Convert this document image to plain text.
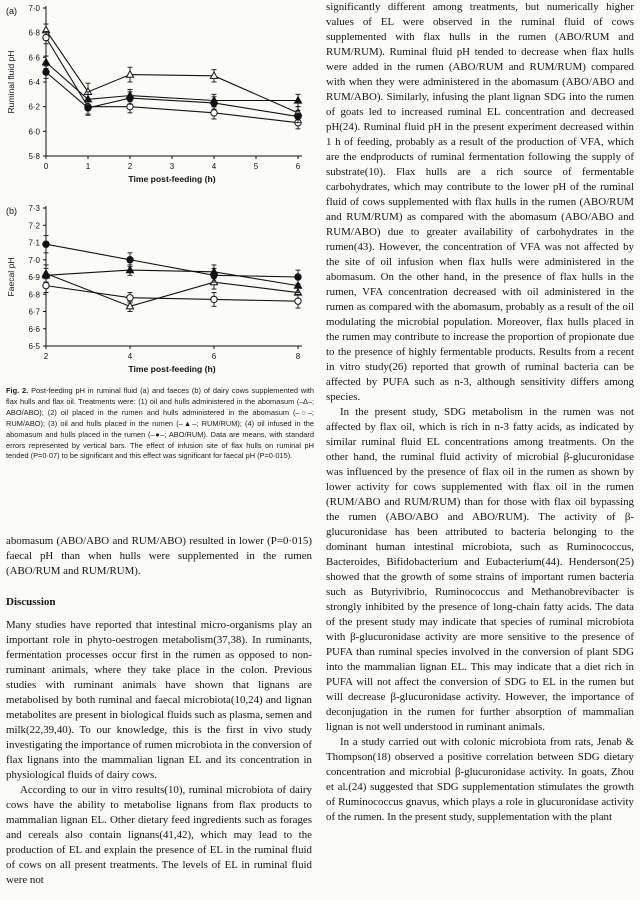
(a)
5·8
6·0
6·2
6·4
6·6
6·8
7·0
0	1	2	3	4	5	6
Time post-feeding (h)
Ruminal fluid pH
(b)
6·5
6·6
6·7
6·8
6·9
7·0
7·1
7·2
7·3
2	4	6	8
Time post-feeding (h)
Faecal pH
Fig. 2. Post-feeding pH in ruminal fluid (a) and faeces (b) of dairy cows supplemented with flax hulls and flax oil. Treatments were: (1) oil and hulls administered in the abomasum (–∆–; ABO/ABO); (2) oil placed in the rumen and hulls administered in the abomasum (–○–; RUM/ABO); (3) oil and hulls placed in the rumen (–▲–; RUM/RUM); (4) oil infused in the abomasum and hulls placed in the rumen (–●–; ABO/RUM). Data are means, with standard errors represented by vertical bars. The effect of infusion site of flax hulls on ruminal pH tended (P=0·07) to be significant and this effect was significant for faecal pH (P=0·015).

abomasum (ABO/ABO and RUM/ABO) resulted in lower (P=0·015) faecal pH than when hulls were supplemented in the rumen (ABO/RUM and RUM/RUM).

Discussion

Many studies have reported that intestinal micro-organisms play an important role in phyto-oestrogen metabolism(37,38). In ruminants, fermentation processes occur first in the rumen as opposed to non-ruminant animals, where they take place in the colon. Previous studies with ruminant animals have shown that lignans are metabolised by both ruminal and faecal microbiota(10,24) and lignan metabolites are present in biological fluids such as plasma, semen and milk(22,39,40). To our knowledge, this is the first in vivo study investigating the importance of rumen microbiota in the conversion of flax lignans into the mammalian lignan EL and its concentration in physiological fluids of dairy cows.

According to our in vitro results(10), ruminal microbiota of dairy cows have the ability to metabolise lignans from flax products to mammalian lignan EL. Other dietary feed ingredients such as forages and cereals also contain lignans(41,42), which may lead to the production of EL and explain the presence of EL in the ruminal fluid of cows on all present treatments. The levels of EL in ruminal fluid were not

significantly different among treatments, but numerically higher values of EL were observed in the ruminal fluid of cows supplemented with flax hulls in the rumen (ABO/RUM and RUM/RUM). Ruminal fluid pH tended to decrease when flax hulls were added in the rumen (ABO/RUM and RUM/RUM) compared with when they were administered in the abomasum (ABO/ABO and RUM/ABO). Similarly, infusing the plant lignan SDG into the rumen of goats led to increased ruminal EL concentration and decreased pH(24). Ruminal fluid pH in the present experiment decreased within 1 h of feeding, probably as a result of the production of VFA, which are the endproducts of ruminal fermentation following the supply of substrate(10). Flax hulls are a rich source of fermentable carbohydrates, which may contribute to the lower pH of the ruminal fluid of cows supplemented with flax hulls in the rumen (ABO/RUM and RUM/RUM) as compared with the abomasum (ABO/ABO and RUM/ABO) due to greater availability of carbohydrates in the rumen(43). However, the concentration of VFA was not affected by the site of oil infusion when flax hulls were administered in the abomasum. On the other hand, in the presence of flax hulls in the rumen, VFA concentration decreased with oil administered in the rumen as compared with the abomasum, probably as a result of the oil modulating the microbial population. Moreover, flax hulls placed in the rumen may contribute to increase the proportion of propionate due to the presence of highly fermentable products. Results from a recent in vitro study(26) reported that growth of ruminal bacteria can be affected by PUFA such as n-3, although sensitivity differs among species.

In the present study, SDG metabolism in the rumen was not affected by flax oil, which is rich in n-3 fatty acids, as indicated by similar ruminal fluid EL concentrations among treatments. On the other hand, the ruminal fluid activity of microbial β-glucuronidase was influenced by the presence of flax oil in the rumen as shown by lower activity for cows supplemented with flax oil in the rumen (RUM/ABO and RUM/RUM) than for those with flax oil bypassing the rumen (ABO/ABO and ABO/RUM). The activity of β-glucuronidase has been attributed to bacteria belonging to the dominant human intestinal microbiota, such as Ruminococcus, Bacteroides, Bifidobacterium and Eubacterium(44). Henderson(25) showed that the growth of some strains of important rumen bacteria such as Butyrivibrio, Ruminococcus and Methanobrevibacter is strongly inhibited by the presence of long-chain fatty acids. The data of the present study may indicate that species of ruminal microbiota with β-glucuronidase activity are more sensitive to the presence of PUFA than ruminal species involved in the conversion of plant SDG into the mammalian lignan EL. This may indicate that a diet rich in PUFA will not affect the conversion of SDG to EL in the rumen but will decrease β-glucuronidase activity. However, the importance of deconjugation in the rumen for further absorption of mammalian lignan is not well understood in ruminant animals.

In a study carried out with colonic microbiota from rats, Jenab & Thompson(18) observed a positive correlation between SDG dietary concentration and microbial β-glucuronidase activity. In goats, Zhou et al.(24) suggested that SDG supplementation stimulates the growth of Ruminococcus gnavus, which plays a role in glucuronidase activity of the rumen. In the present study, supplementation with the plant
